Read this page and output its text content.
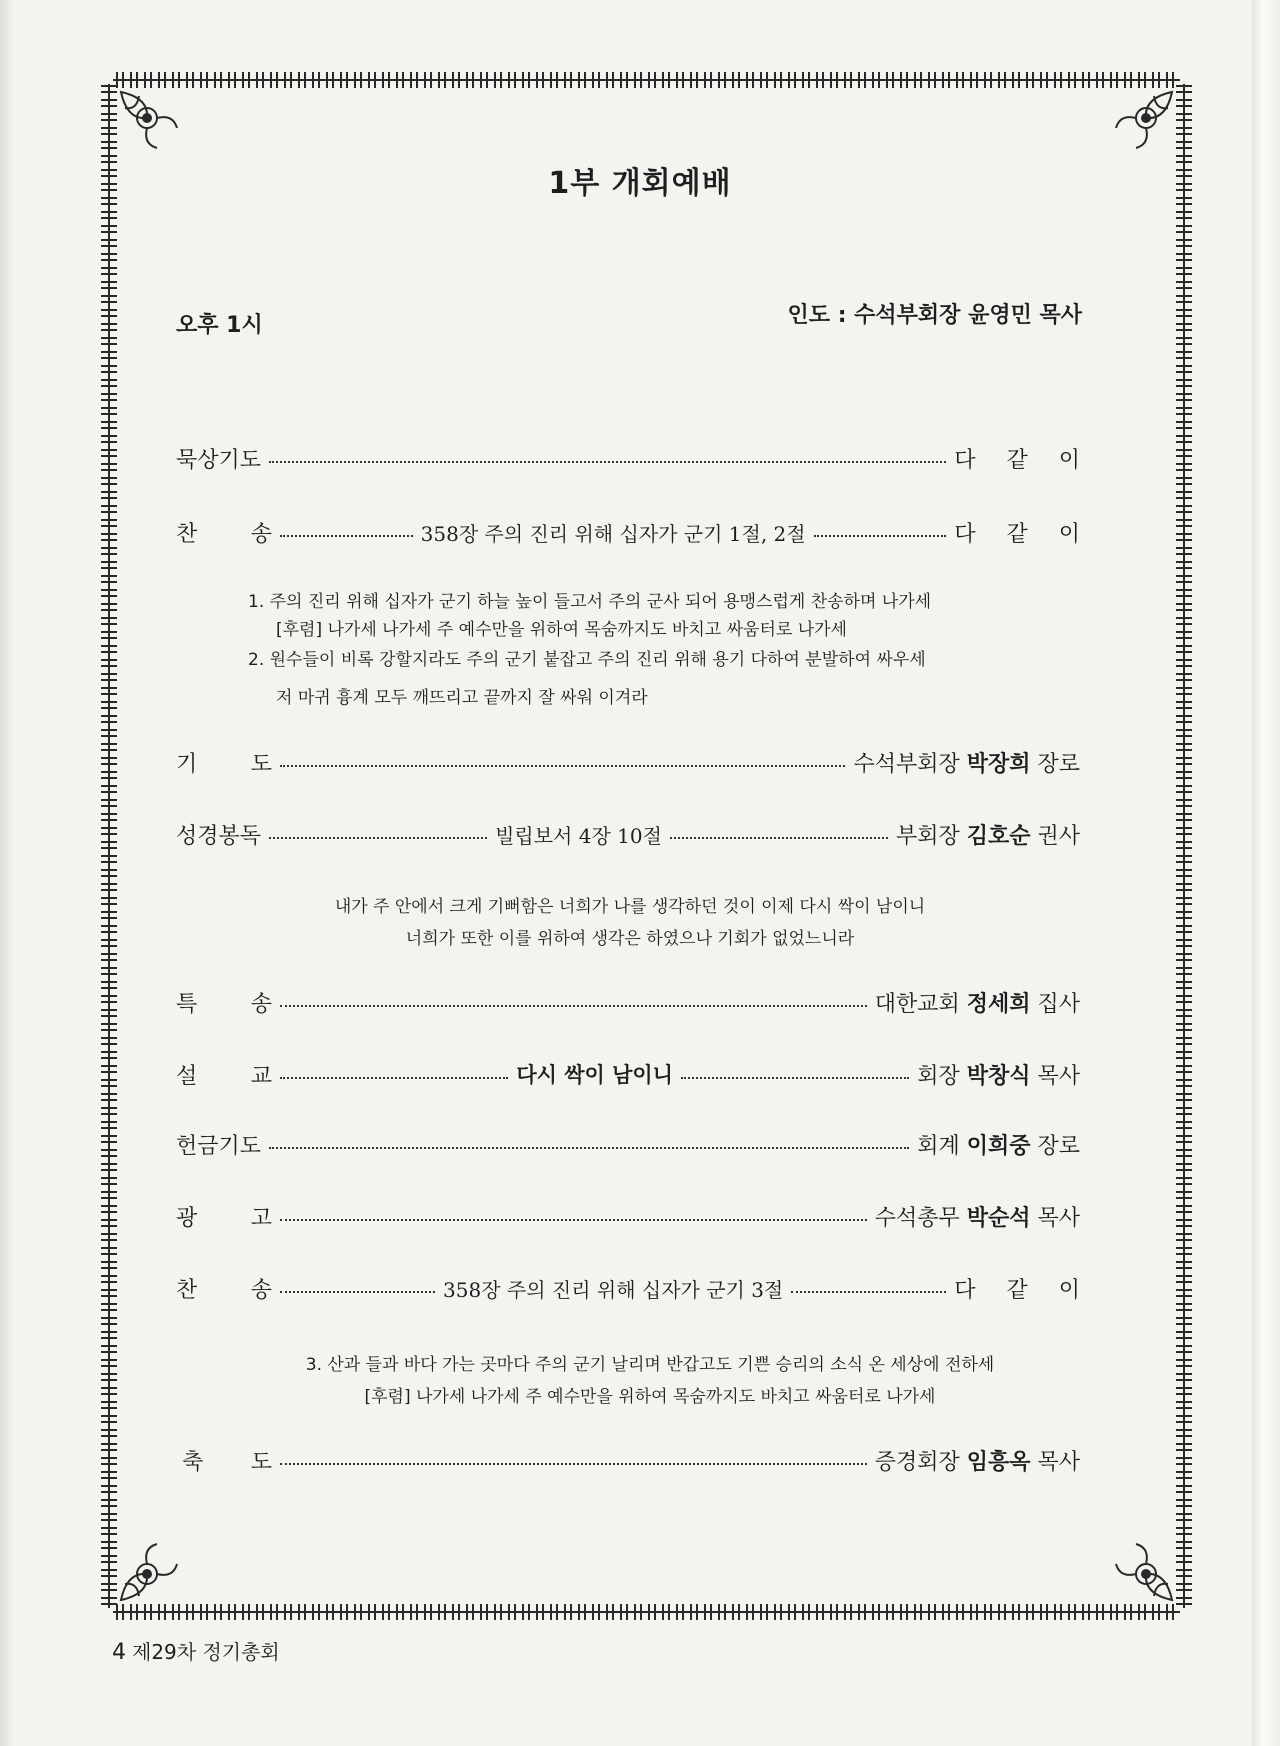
1부 개회예배
오후 1시	인도 : 수석부회장 윤영민 목사
묵상기도	다 같 이
찬 송	358장 주의 진리 위해 십자가 군기 1절, 2절	다 같 이
1. 주의 진리 위해 십자가 군기 하늘 높이 들고서 주의 군사 되어 용맹스럽게 찬송하며 나가세
[후렴] 나가세 나가세 주 예수만을 위하여 목숨까지도 바치고 싸움터로 나가세
2. 원수들이 비록 강할지라도 주의 군기 붙잡고 주의 진리 위해 용기 다하여 분발하여 싸우세
저 마귀 흉계 모두 깨뜨리고 끝까지 잘 싸워 이겨라
기 도	수석부회장 박장희 장로
성경봉독	빌립보서 4장 10절	부회장 김호순 권사
내가 주 안에서 크게 기뻐함은 너희가 나를 생각하던 것이 이제 다시 싹이 남이니
너희가 또한 이를 위하여 생각은 하였으나 기회가 없었느니라
특 송	대한교회 정세희 집사
설 교	다시 싹이 남이니	회장 박창식 목사
헌금기도	회계 이희중 장로
광 고	수석총무 박순석 목사
찬 송	358장 주의 진리 위해 십자가 군기 3절	다 같 이
3. 산과 들과 바다 가는 곳마다 주의 군기 날리며 반갑고도 기쁜 승리의 소식 온 세상에 전하세
[후렴] 나가세 나가세 주 예수만을 위하여 목숨까지도 바치고 싸움터로 나가세
축 도	증경회장 임흥옥 목사
4 제29차 정기총회
